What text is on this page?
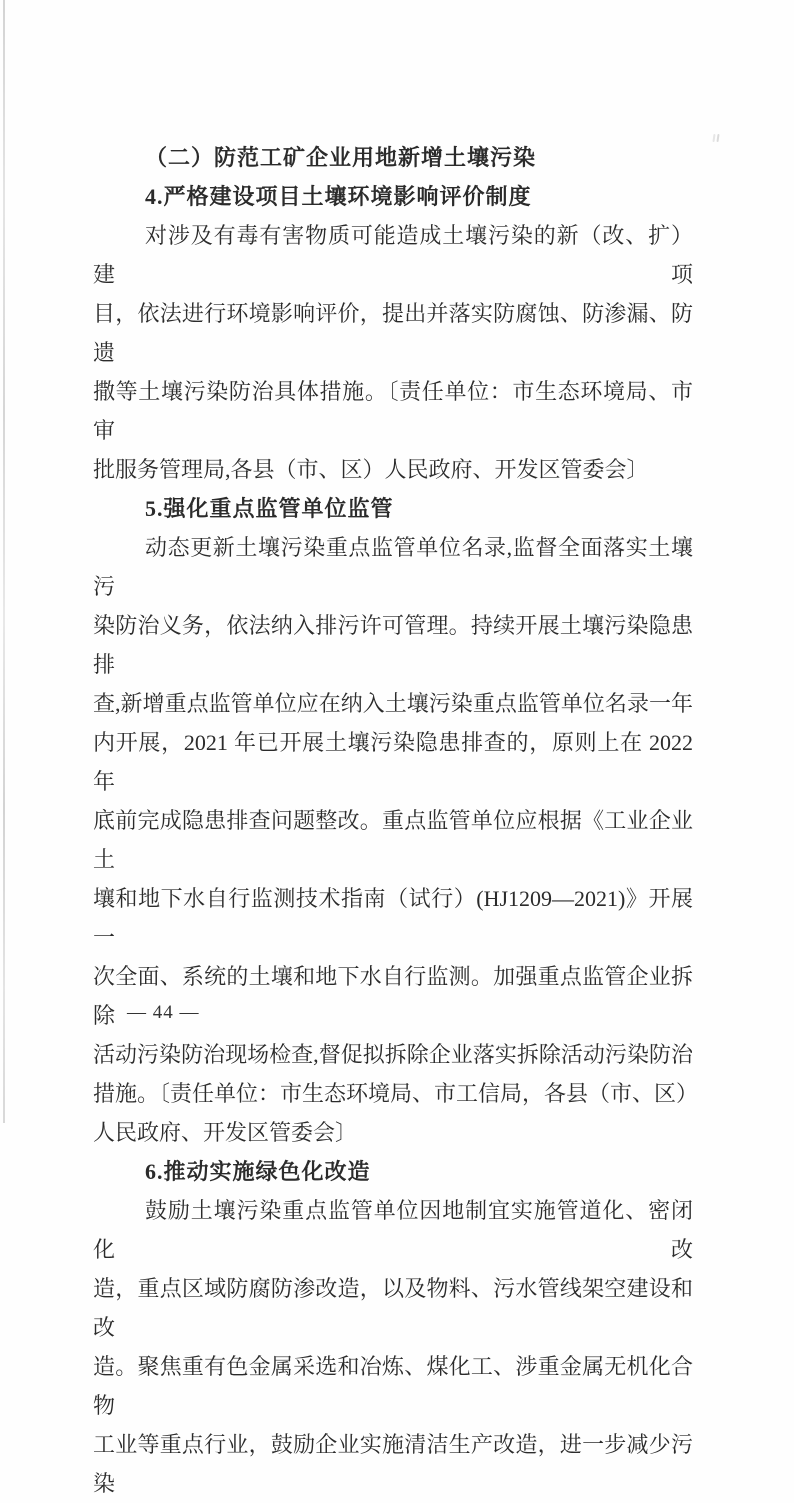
（二）防范工矿企业用地新增土壤污染
4.严格建设项目土壤环境影响评价制度
对涉及有毒有害物质可能造成土壤污染的新（改、扩）建项
目，依法进行环境影响评价，提出并落实防腐蚀、防渗漏、防遗
撒等土壤污染防治具体措施。〔责任单位：市生态环境局、市审
批服务管理局,各县（市、区）人民政府、开发区管委会〕
5.强化重点监管单位监管
动态更新土壤污染重点监管单位名录,监督全面落实土壤污
染防治义务，依法纳入排污许可管理。持续开展土壤污染隐患排
查,新增重点监管单位应在纳入土壤污染重点监管单位名录一年
内开展，2021 年已开展土壤污染隐患排查的，原则上在 2022 年
底前完成隐患排查问题整改。重点监管单位应根据《工业企业土
壤和地下水自行监测技术指南（试行）(HJ1209—2021)》开展一
次全面、系统的土壤和地下水自行监测。加强重点监管企业拆除
活动污染防治现场检查,督促拟拆除企业落实拆除活动污染防治
措施。〔责任单位：市生态环境局、市工信局，各县（市、区）
人民政府、开发区管委会〕
6.推动实施绿色化改造
鼓励土壤污染重点监管单位因地制宜实施管道化、密闭化改
造，重点区域防腐防渗改造，以及物料、污水管线架空建设和改
造。聚焦重有色金属采选和冶炼、煤化工、涉重金属无机化合物
工业等重点行业，鼓励企业实施清洁生产改造，进一步减少污染
— 44 —
